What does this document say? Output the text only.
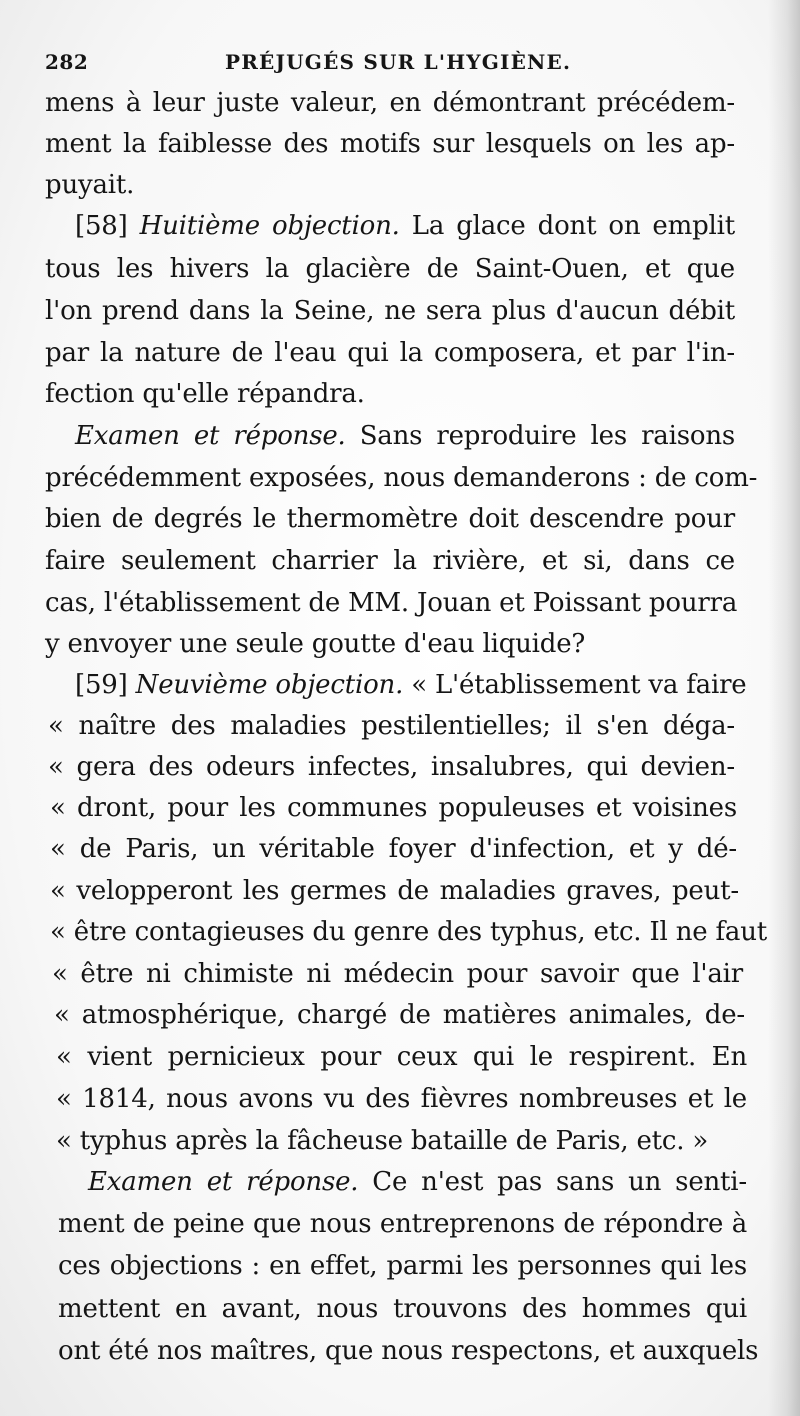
282	PRÉJUGÉS SUR L'HYGIÈNE.
mens à leur juste valeur, en démontrant précédem-
ment la faiblesse des motifs sur lesquels on les ap-
puyait.
[58] Huitième objection. La glace dont on emplit
tous les hivers la glacière de Saint-Ouen, et que
l'on prend dans la Seine, ne sera plus d'aucun débit
par la nature de l'eau qui la composera, et par l'in-
fection qu'elle répandra.
Examen et réponse. Sans reproduire les raisons
précédemment exposées, nous demanderons : de com-
bien de degrés le thermomètre doit descendre pour
faire seulement charrier la rivière, et si, dans ce
cas, l'établissement de MM. Jouan et Poissant pourra
y envoyer une seule goutte d'eau liquide?
[59] Neuvième objection. « L'établissement va faire
« naître des maladies pestilentielles; il s'en déga-
« gera des odeurs infectes, insalubres, qui devien-
« dront, pour les communes populeuses et voisines
« de Paris, un véritable foyer d'infection, et y dé-
« velopperont les germes de maladies graves, peut-
« être contagieuses du genre des typhus, etc. Il ne faut
« être ni chimiste ni médecin pour savoir que l'air
« atmosphérique, chargé de matières animales, de-
« vient pernicieux pour ceux qui le respirent. En
« 1814, nous avons vu des fièvres nombreuses et le
« typhus après la fâcheuse bataille de Paris, etc. »
Examen et réponse. Ce n'est pas sans un senti-
ment de peine que nous entreprenons de répondre à
ces objections : en effet, parmi les personnes qui les
mettent en avant, nous trouvons des hommes qui
ont été nos maîtres, que nous respectons, et auxquels
